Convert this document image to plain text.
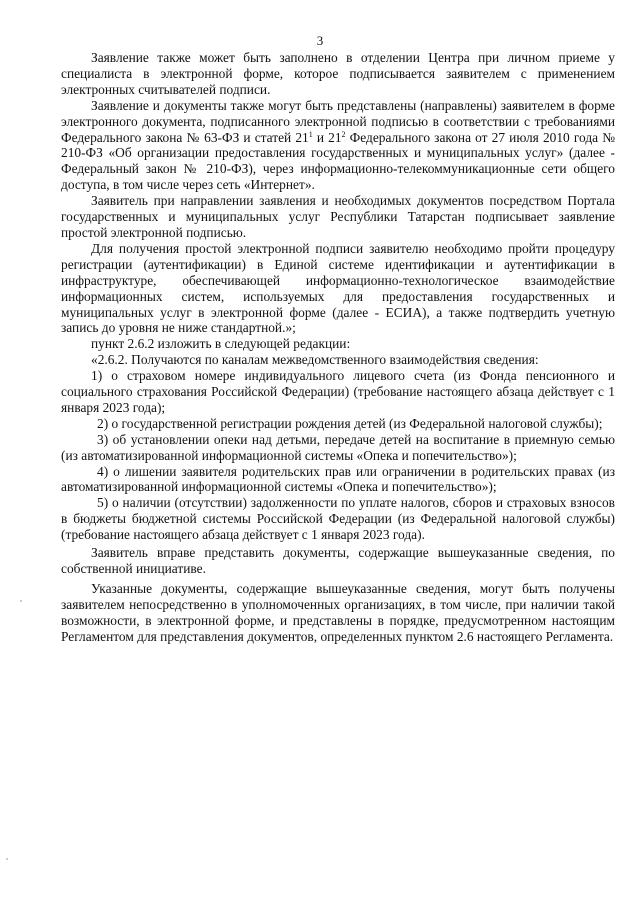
3

Заявление также может быть заполнено в отделении Центра при личном приеме у специалиста в электронной форме, которое подписывается заявителем с применением электронных считывателей подписи.

Заявление и документы также могут быть представлены (направлены) заявителем в форме электронного документа, подписанного электронной подписью в соответствии с требованиями Федерального закона № 63-ФЗ и статей $21^1$ и $21^2$ Федерального закона от 27 июля 2010 года № 210-ФЗ «Об организации предоставления государственных и муниципальных услуг» (далее - Федеральный закон № 210-ФЗ), через информационно-телекоммуникационные сети общего доступа, в том числе через сеть «Интернет».

Заявитель при направлении заявления и необходимых документов посредством Портала государственных и муниципальных услуг Республики Татарстан подписывает заявление простой электронной подписью.

Для получения простой электронной подписи заявителю необходимо пройти процедуру регистрации (аутентификации) в Единой системе идентификации и аутентификации в инфраструктуре, обеспечивающей информационно-технологическое взаимодействие информационных систем, используемых для предоставления государственных и муниципальных услуг в электронной форме (далее - ЕСИА), а также подтвердить учетную запись до уровня не ниже стандартной.»;

пункт 2.6.2 изложить в следующей редакции:

«2.6.2. Получаются по каналам межведомственного взаимодействия сведения:

1) о страховом номере индивидуального лицевого счета (из Фонда пенсионного и социального страхования Российской Федерации) (требование настоящего абзаца действует с 1 января 2023 года);

2) о государственной регистрации рождения детей (из Федеральной налоговой службы);

3) об установлении опеки над детьми, передаче детей на воспитание в приемную семью (из автоматизированной информационной системы «Опека и попечительство»);

4) о лишении заявителя родительских прав или ограничении в родительских правах (из автоматизированной информационной системы «Опека и попечительство»);

5) о наличии (отсутствии) задолженности по уплате налогов, сборов и страховых взносов в бюджеты бюджетной системы Российской Федерации (из Федеральной налоговой службы) (требование настоящего абзаца действует с 1 января 2023 года).

Заявитель вправе представить документы, содержащие вышеуказанные сведения, по собственной инициативе.

Указанные документы, содержащие вышеуказанные сведения, могут быть получены заявителем непосредственно в уполномоченных организациях, в том числе, при наличии такой возможности, в электронной форме, и представлены в порядке, предусмотренном настоящим Регламентом для представления документов, определенных пунктом 2.6 настоящего Регламента.
